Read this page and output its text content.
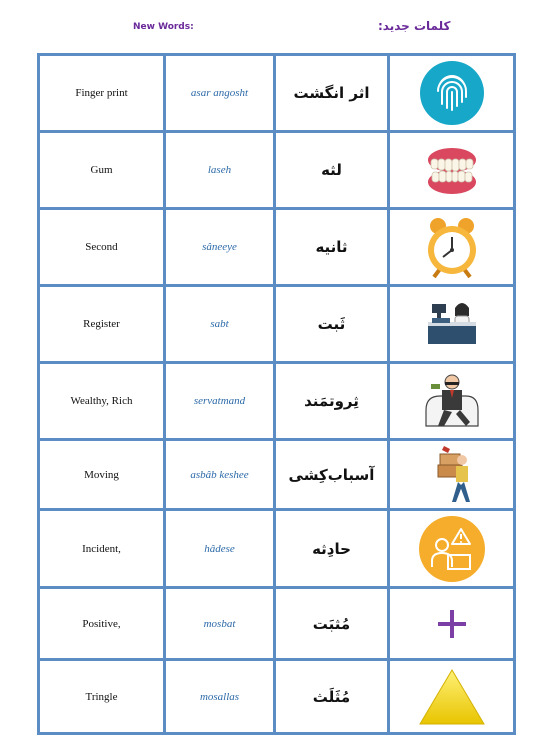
New Words:	کلمات جدید:
Finger print	asar angosht	اثر انگشت	

Gum	laseh	لثه	

Second	sâneeye	ثانیه	

Register	sabt	ثَبت	

Wealthy, Rich	servatmand	ثِروتمَند	

Moving	asbâb keshee	آسباب‌کِشی	

Incident,	hâdese	حادِثه	

Positive,	mosbat	مُثبَت	

Tringle	mosallas	مُثَلَث	
